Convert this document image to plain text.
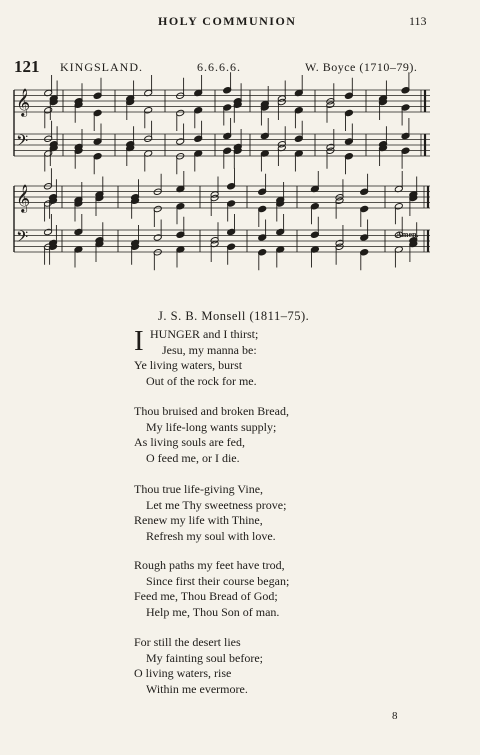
HOLY COMMUNION	113
121 KINGSLAND.	6.6.6.6.	W. Boyce (1710–79).
𝄞
𝄢
𝄞
𝄢	Amen.
J. S. B. Monsell (1811–75).
I HUNGER and I thirst;
Jesu, my manna be:
Ye living waters, burst
Out of the rock for me.
Thou bruised and broken Bread,
My life-long wants supply;
As living souls are fed,
O feed me, or I die.
Thou true life-giving Vine,
Let me Thy sweetness prove;
Renew my life with Thine,
Refresh my soul with love.
Rough paths my feet have trod,
Since first their course began;
Feed me, Thou Bread of God;
Help me, Thou Son of man.
For still the desert lies
My fainting soul before;
O living waters, rise
Within me evermore.
8
